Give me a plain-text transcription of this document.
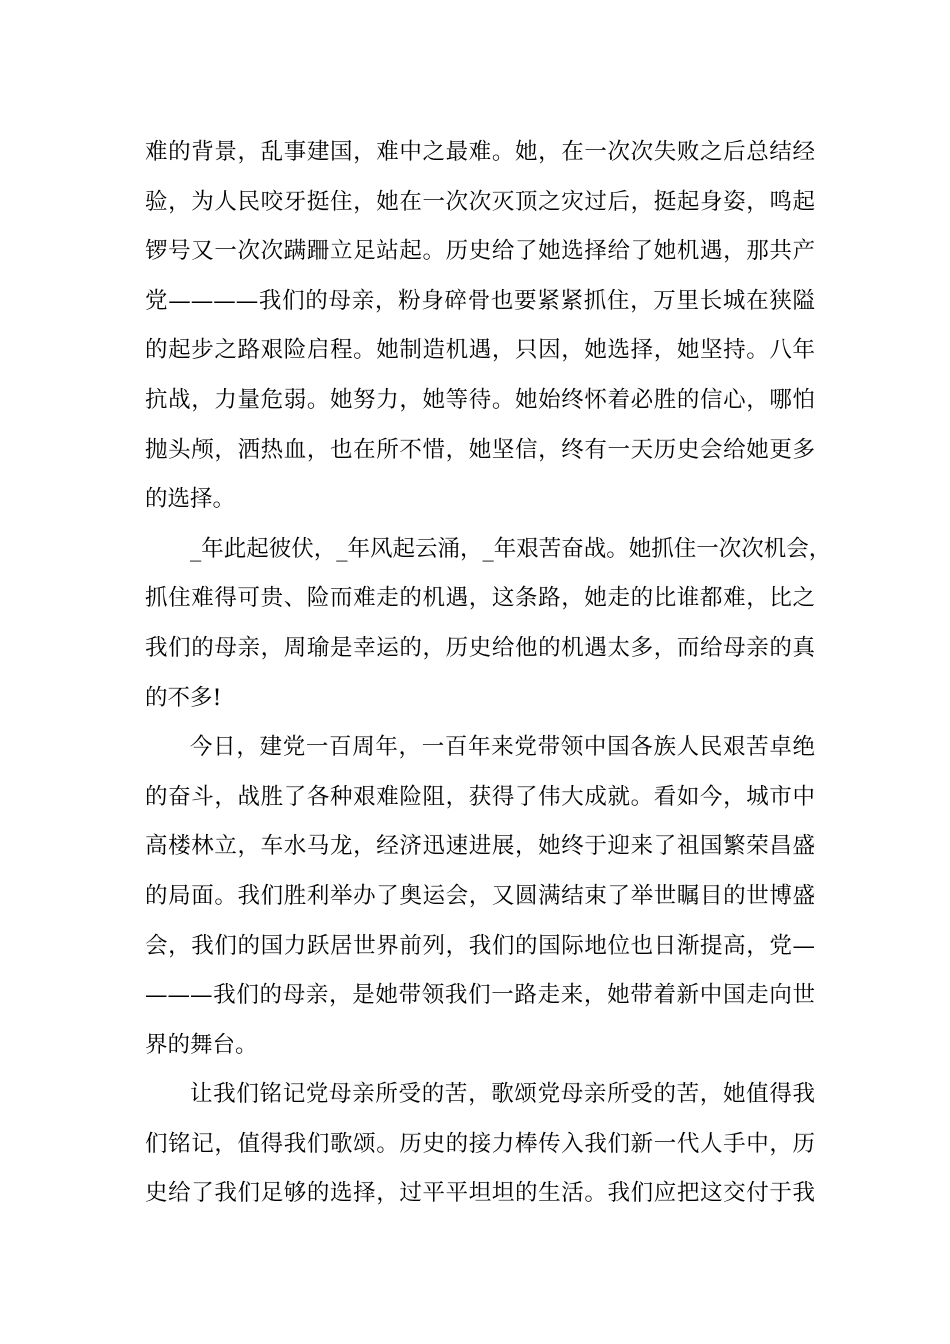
难的背景，乱事建国，难中之最难。她，在一次次失败之后总结经
验，为人民咬牙挺住，她在一次次灭顶之灾过后，挺起身姿，鸣起
锣号又一次次蹒跚立足站起。历史给了她选择给了她机遇，那共产
党————我们的母亲，粉身碎骨也要紧紧抓住，万里长城在狭隘
的起步之路艰险启程。她制造机遇，只因，她选择，她坚持。八年
抗战，力量危弱。她努力，她等待。她始终怀着必胜的信心，哪怕
抛头颅，洒热血，也在所不惜，她坚信，终有一天历史会给她更多
的选择。
_年此起彼伏，_年风起云涌，_年艰苦奋战。她抓住一次次机会，
抓住难得可贵、险而难走的机遇，这条路，她走的比谁都难，比之
我们的母亲，周瑜是幸运的，历史给他的机遇太多，而给母亲的真
的不多!
今日，建党一百周年，一百年来党带领中国各族人民艰苦卓绝
的奋斗，战胜了各种艰难险阻，获得了伟大成就。看如今，城市中
高楼林立，车水马龙，经济迅速进展，她终于迎来了祖国繁荣昌盛
的局面。我们胜利举办了奥运会，又圆满结束了举世瞩目的世博盛
会，我们的国力跃居世界前列，我们的国际地位也日渐提高，党—
———我们的母亲，是她带领我们一路走来，她带着新中国走向世
界的舞台。
让我们铭记党母亲所受的苦，歌颂党母亲所受的苦，她值得我
们铭记，值得我们歌颂。历史的接力棒传入我们新一代人手中，历
史给了我们足够的选择，过平平坦坦的生活。我们应把这交付于我
